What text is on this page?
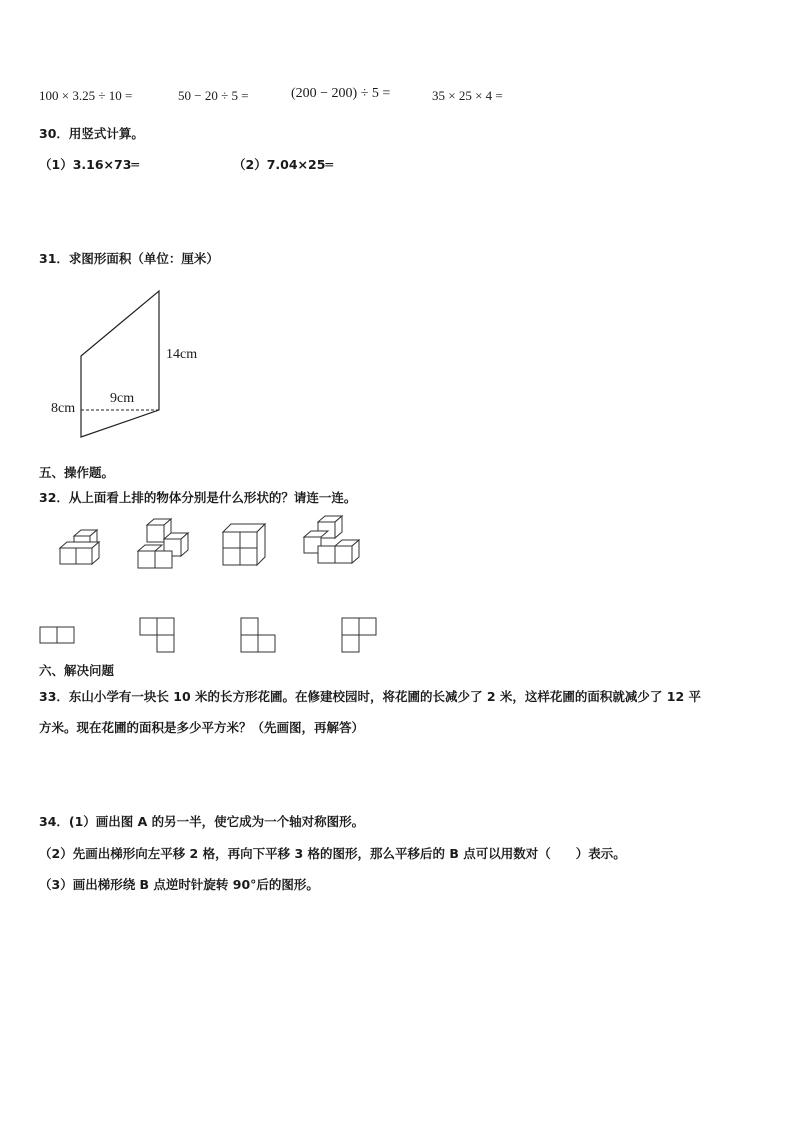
100 × 3.25 ÷ 10 =	50 − 20 ÷ 5 =	(200 − 200) ÷ 5 =	35 × 25 × 4 =
30．用竖式计算。
（1）3.16×73═	（2）7.04×25═
31．求图形面积（单位：厘米）
14cm
9cm
8cm
五、操作题。
32．从上面看上排的物体分别是什么形状的？请连一连。
六、解决问题
33．东山小学有一块长 10 米的长方形花圃。在修建校园时，将花圃的长减少了 2 米，这样花圃的面积就减少了 12 平
方米。现在花圃的面积是多少平方米？（先画图，再解答）
34．(1）画出图 A 的另一半，使它成为一个轴对称图形。
（2）先画出梯形向左平移 2 格，再向下平移 3 格的图形，那么平移后的 B 点可以用数对（　　）表示。
（3）画出梯形绕 B 点逆时针旋转 90°后的图形。
